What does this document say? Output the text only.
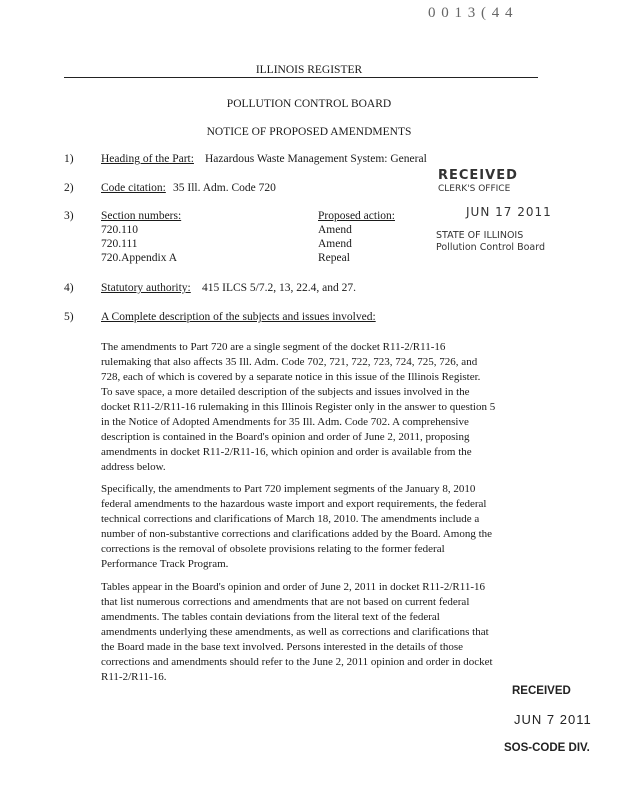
0 0 1 3 ( 4 4
ILLINOIS REGISTER
POLLUTION CONTROL BOARD
NOTICE OF PROPOSED AMENDMENTS
1) Heading of the Part: Hazardous Waste Management System: General
2) Code citation: 35 Ill. Adm. Code 720
3) Section numbers:	Proposed action:
720.110	Amend
720.111	Amend
720.Appendix A	Repeal
RECEIVED
CLERK'S OFFICE
JUN 17 2011
STATE OF ILLINOIS
Pollution Control Board
4) Statutory authority: 415 ILCS 5/7.2, 13, 22.4, and 27.
5) A Complete description of the subjects and issues involved:

The amendments to Part 720 are a single segment of the docket R11-2/R11-16

rulemaking that also affects 35 Ill. Adm. Code 702, 721, 722, 723, 724, 725, 726, and

728, each of which is covered by a separate notice in this issue of the Illinois Register.

To save space, a more detailed description of the subjects and issues involved in the

docket R11-2/R11-16 rulemaking in this Illinois Register only in the answer to question 5

in the Notice of Adopted Amendments for 35 Ill. Adm. Code 702. A comprehensive

description is contained in the Board's opinion and order of June 2, 2011, proposing

amendments in docket R11-2/R11-16, which opinion and order is available from the

address below.

Specifically, the amendments to Part 720 implement segments of the January 8, 2010

federal amendments to the hazardous waste import and export requirements, the federal

technical corrections and clarifications of March 18, 2010. The amendments include a

number of non-substantive corrections and clarifications added by the Board. Among the

corrections is the removal of obsolete provisions relating to the former federal

Performance Track Program.

Tables appear in the Board's opinion and order of June 2, 2011 in docket R11-2/R11-16

that list numerous corrections and amendments that are not based on current federal

amendments. The tables contain deviations from the literal text of the federal

amendments underlying these amendments, as well as corrections and clarifications that

the Board made in the base text involved. Persons interested in the details of those

corrections and amendments should refer to the June 2, 2011 opinion and order in docket

R11-2/R11-16.

RECEIVED
JUN 7 2011
SOS-CODE DIV.
